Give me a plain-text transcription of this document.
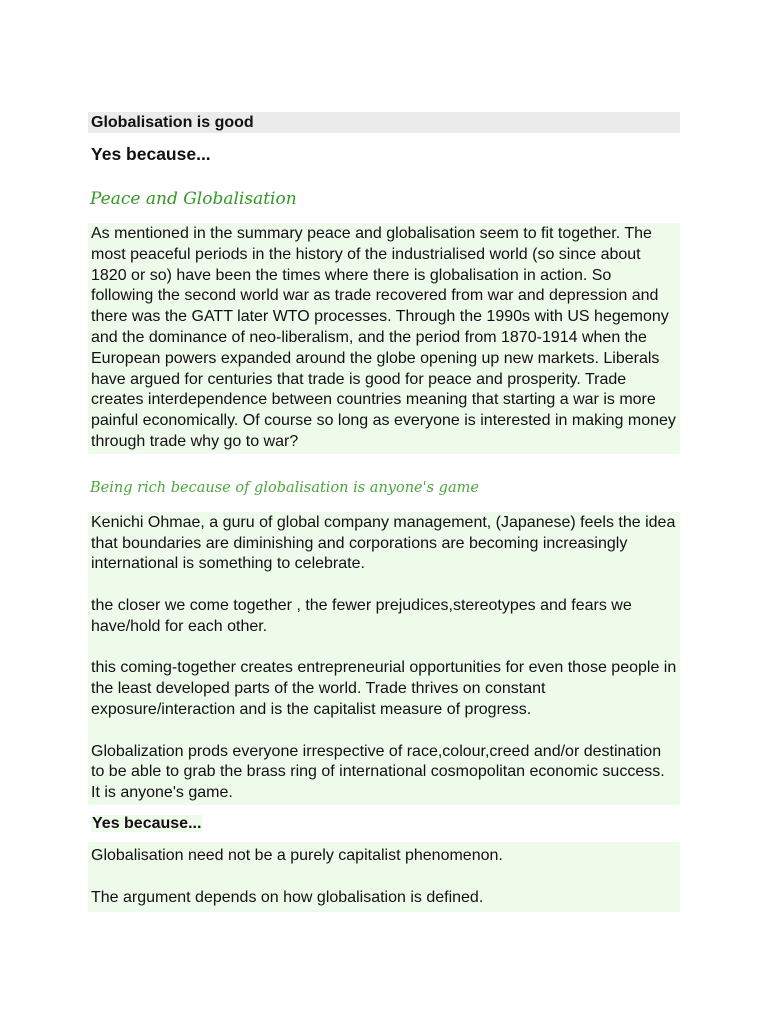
Globalisation is good
Yes because...
Peace and Globalisation

As mentioned in the summary peace and globalisation seem to fit together. The most peaceful periods in the history of the industrialised world (so since about 1820 or so) have been the times where there is globalisation in action. So following the second world war as trade recovered from war and depression and there was the GATT later WTO processes. Through the 1990s with US hegemony and the dominance of neo-liberalism, and the period from 1870-1914 when the European powers expanded around the globe opening up new markets. Liberals have argued for centuries that trade is good for peace and prosperity. Trade creates interdependence between countries meaning that starting a war is more painful economically. Of course so long as everyone is interested in making money through trade why go to war?

Being rich because of globalisation is anyone's game

Kenichi Ohmae, a guru of global company management, (Japanese) feels the idea that boundaries are diminishing and corporations are becoming increasingly international is something to celebrate.

the closer we come together , the fewer prejudices,stereotypes and fears we have/hold for each other.

this coming-together creates entrepreneurial opportunities for even those people in the least developed parts of the world. Trade thrives on constant exposure/interaction and is the capitalist measure of progress.

Globalization prods everyone irrespective of race,colour,creed and/or destination to be able to grab the brass ring of international cosmopolitan economic success. It is anyone's game.

Yes because...

Globalisation need not be a purely capitalist phenomenon.

The argument depends on how globalisation is defined.
